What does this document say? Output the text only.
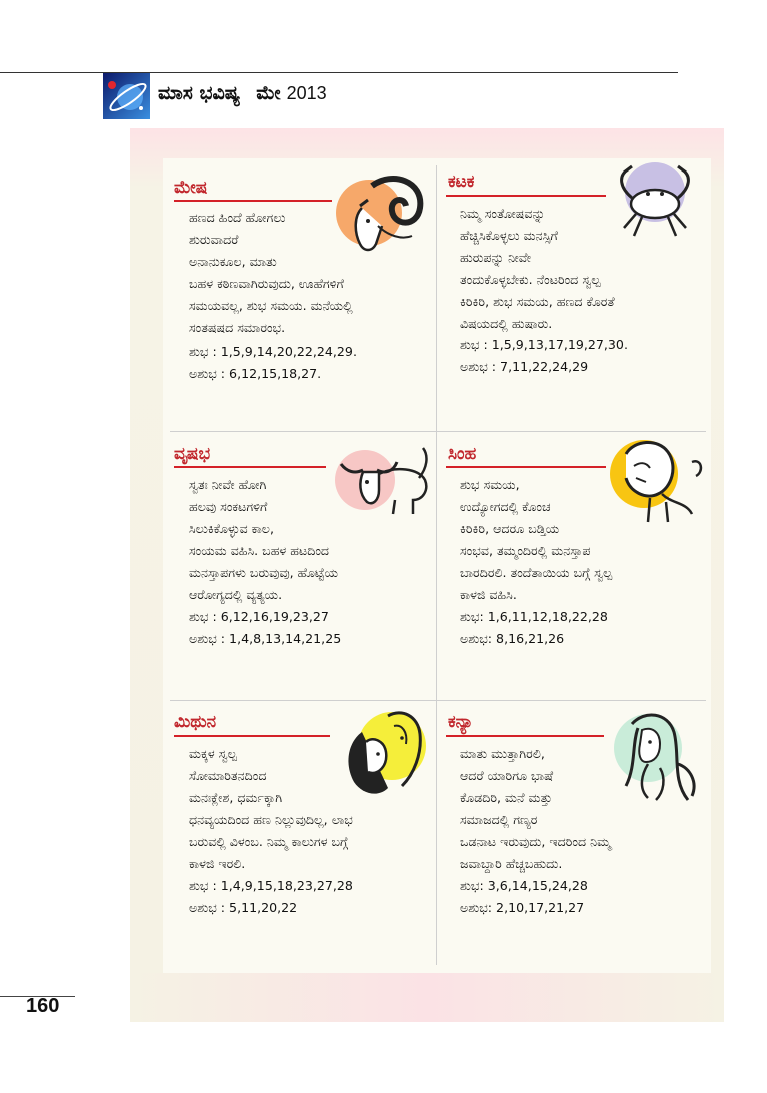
ಮಾಸ ಭವಿಷ್ಯ ಮೇ 2013
ಮೇಷ
ಹಣದ ಹಿಂದೆ ಹೋಗಲು
ಶುರುವಾದರೆ
ಅನಾನುಕೂಲ, ಮಾತು
ಬಹಳ ಕಠಿಣವಾಗಿರುವುದು, ಊಹೆಗಳಿಗೆ
ಸಮಯವಲ್ಲ, ಶುಭ ಸಮಯ. ಮನೆಯಲ್ಲಿ
ಸಂತಷಷದ ಸಮಾರಂಭ.
ಶುಭ : 1,5,9,14,20,22,24,29.
ಅಶುಭ : 6,12,15,18,27.
ಕಟಕ
ನಿಮ್ಮ ಸಂತೋಷವನ್ನು
ಹೆಚ್ಚಿಸಿಕೊಳ್ಳಲು ಮನಸ್ಸಿಗೆ
ಹುರುಪನ್ನು ನೀವೇ
ತಂದುಕೊಳ್ಳಬೇಕು. ನೆಂಟರಿಂದ ಸ್ವಲ್ಪ
ಕಿರಿಕಿರಿ, ಶುಭ ಸಮಯ, ಹಣದ ಕೊರತೆ
ವಿಷಯದಲ್ಲಿ ಹುಷಾರು.
ಶುಭ : 1,5,9,13,17,19,27,30.
ಅಶುಭ : 7,11,22,24,29
ವೃಷಭ
ಸ್ವತಃ ನೀವೇ ಹೋಗಿ
ಹಲವು ಸಂಕಟಗಳಿಗೆ
ಸಿಲುಕಿಕೊಳ್ಳುವ ಕಾಲ,
ಸಂಯಮ ವಹಿಸಿ. ಬಹಳ ಹಟದಿಂದ
ಮನಸ್ತಾಪಗಳು ಬರುವುವು, ಹೊಟ್ಟೆಯ
ಆರೋಗ್ಯದಲ್ಲಿ ವ್ಯತ್ಯಯ.
ಶುಭ : 6,12,16,19,23,27
ಅಶುಭ : 1,4,8,13,14,21,25
ಸಿಂಹ
ಶುಭ ಸಮಯ,
ಉದ್ಯೋಗದಲ್ಲಿ ಕೊಂಚ
ಕಿರಿಕಿರಿ, ಆದರೂ ಬಡ್ತಿಯ
ಸಂಭವ, ತಮ್ಮಂದಿರಲ್ಲಿ ಮನಸ್ತಾಪ
ಬಾರದಿರಲಿ. ತಂದೆತಾಯಿಯ ಬಗ್ಗೆ ಸ್ವಲ್ಪ
ಕಾಳಜಿ ವಹಿಸಿ.
ಶುಭ: 1,6,11,12,18,22,28
ಅಶುಭ: 8,16,21,26
ಮಿಥುನ
ಮಕ್ಕಳ ಸ್ವಲ್ಪ
ಸೋಮಾರಿತನದಿಂದ
ಮನಃಕ್ಲೇಶ, ಧರ್ಮಕ್ಕಾಗಿ
ಧನವ್ಯಯದಿಂದ ಹಣ ನಿಲ್ಲುವುದಿಲ್ಲ, ಲಾಭ
ಬರುವಲ್ಲಿ ವಿಳಂಬ. ನಿಮ್ಮ ಕಾಲುಗಳ ಬಗ್ಗೆ
ಕಾಳಜಿ ಇರಲಿ.
ಶುಭ : 1,4,9,15,18,23,27,28
ಅಶುಭ : 5,11,20,22
ಕನ್ಯಾ
ಮಾತು ಮುತ್ತಾಗಿರಲಿ,
ಆದರೆ ಯಾರಿಗೂ ಭಾಷೆ
ಕೊಡದಿರಿ, ಮನೆ ಮತ್ತು
ಸಮಾಜದಲ್ಲಿ ಗಣ್ಯರ
ಒಡನಾಟ ಇರುವುದು, ಇದರಿಂದ ನಿಮ್ಮ
ಜವಾಬ್ದಾರಿ ಹೆಚ್ಚಬಹುದು.
ಶುಭ: 3,6,14,15,24,28
ಅಶುಭ: 2,10,17,21,27
160
